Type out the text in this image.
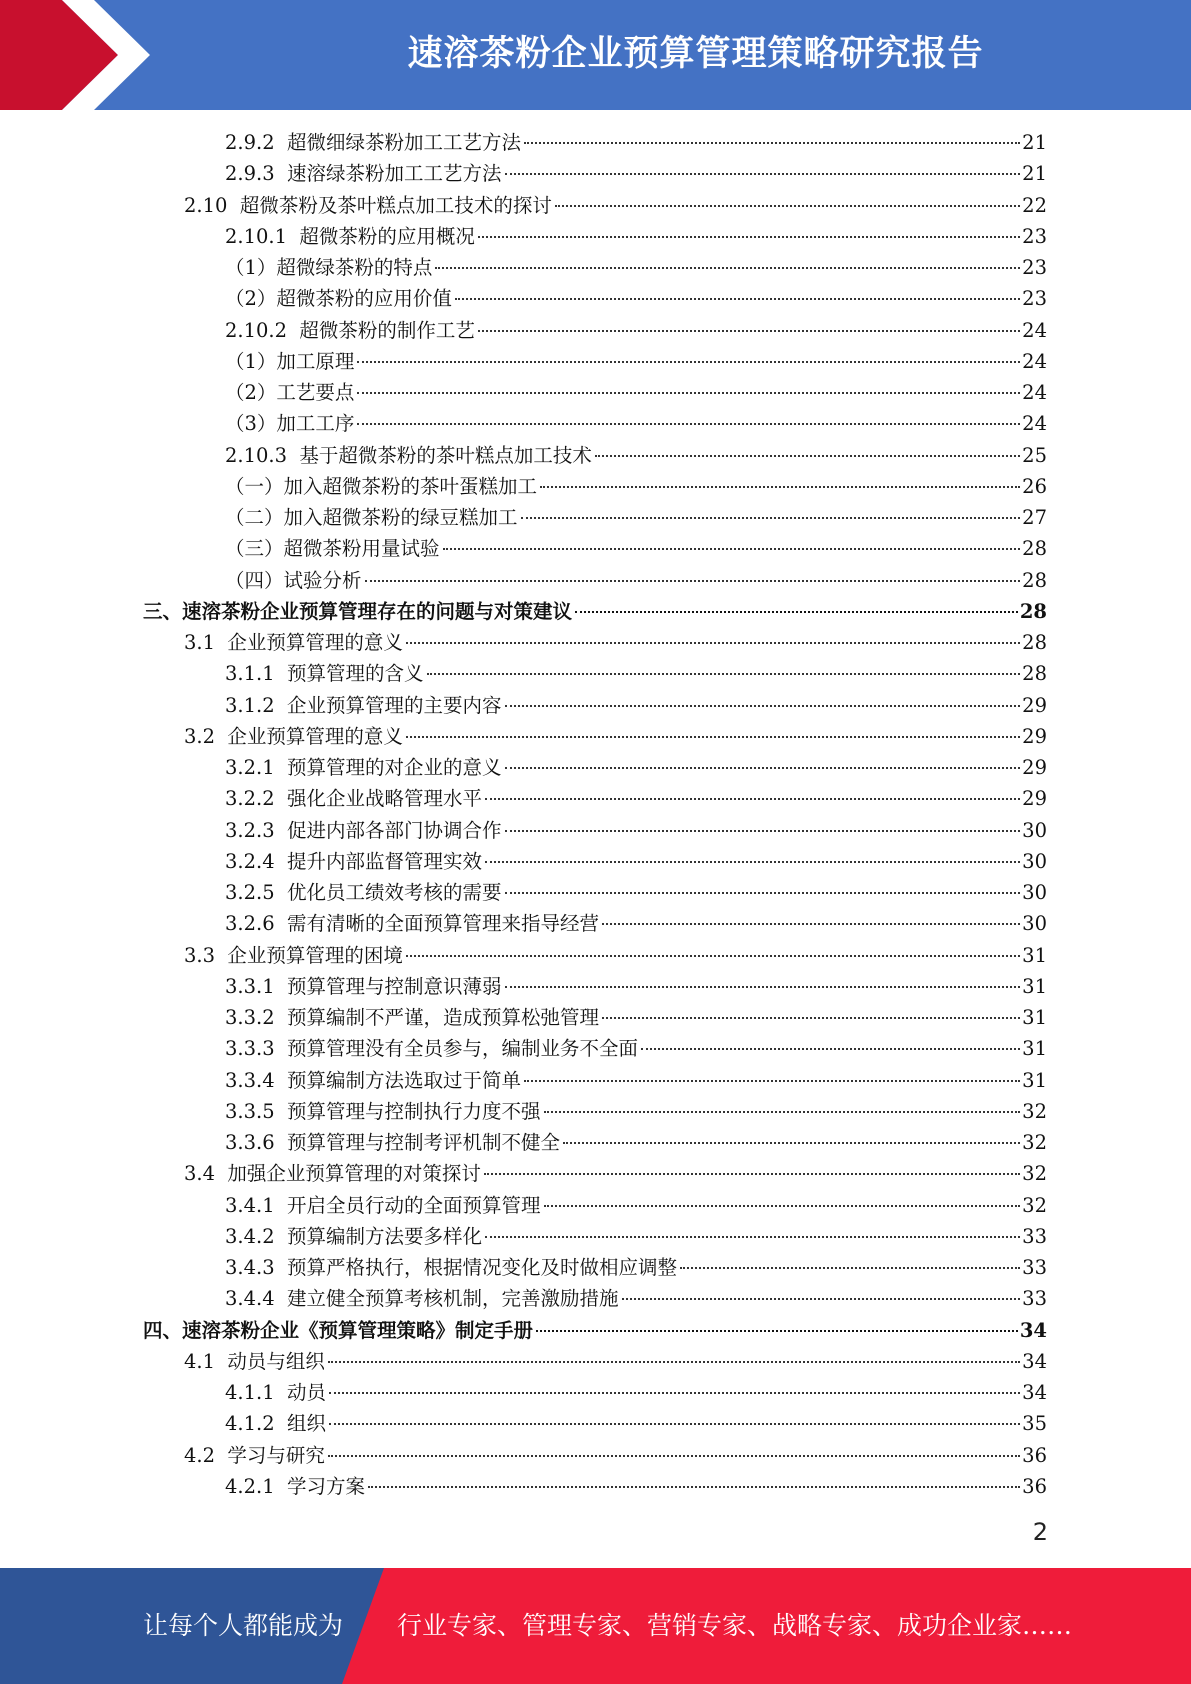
速溶茶粉企业预算管理策略研究报告
2.9.2  超微细绿茶粉加工工艺方法	21
2.9.3  速溶绿茶粉加工工艺方法	21
2.10  超微茶粉及茶叶糕点加工技术的探讨	22
2.10.1  超微茶粉的应用概况	23
（1）超微绿茶粉的特点	23
（2）超微茶粉的应用价值	23
2.10.2  超微茶粉的制作工艺	24
（1）加工原理	24
（2）工艺要点	24
（3）加工工序	24
2.10.3  基于超微茶粉的茶叶糕点加工技术	25
（一）加入超微茶粉的茶叶蛋糕加工	26
（二）加入超微茶粉的绿豆糕加工	27
（三）超微茶粉用量试验	28
（四）试验分析	28
三、速溶茶粉企业预算管理存在的问题与对策建议	28
3.1  企业预算管理的意义	28
3.1.1  预算管理的含义	28
3.1.2  企业预算管理的主要内容	29
3.2  企业预算管理的意义	29
3.2.1  预算管理的对企业的意义	29
3.2.2  强化企业战略管理水平	29
3.2.3  促进内部各部门协调合作	30
3.2.4  提升内部监督管理实效	30
3.2.5  优化员工绩效考核的需要	30
3.2.6  需有清晰的全面预算管理来指导经营	30
3.3  企业预算管理的困境	31
3.3.1  预算管理与控制意识薄弱	31
3.3.2  预算编制不严谨，造成预算松弛管理	31
3.3.3  预算管理没有全员参与，编制业务不全面	31
3.3.4  预算编制方法选取过于简单	31
3.3.5  预算管理与控制执行力度不强	32
3.3.6  预算管理与控制考评机制不健全	32
3.4  加强企业预算管理的对策探讨	32
3.4.1  开启全员行动的全面预算管理	32
3.4.2  预算编制方法要多样化	33
3.4.3  预算严格执行，根据情况变化及时做相应调整	33
3.4.4  建立健全预算考核机制，完善激励措施	33
四、速溶茶粉企业《预算管理策略》制定手册	34
4.1  动员与组织	34
4.1.1  动员	34
4.1.2  组织	35
4.2  学习与研究	36
4.2.1  学习方案	36
2
让每个人都能成为 行业专家、管理专家、营销专家、战略专家、成功企业家……
